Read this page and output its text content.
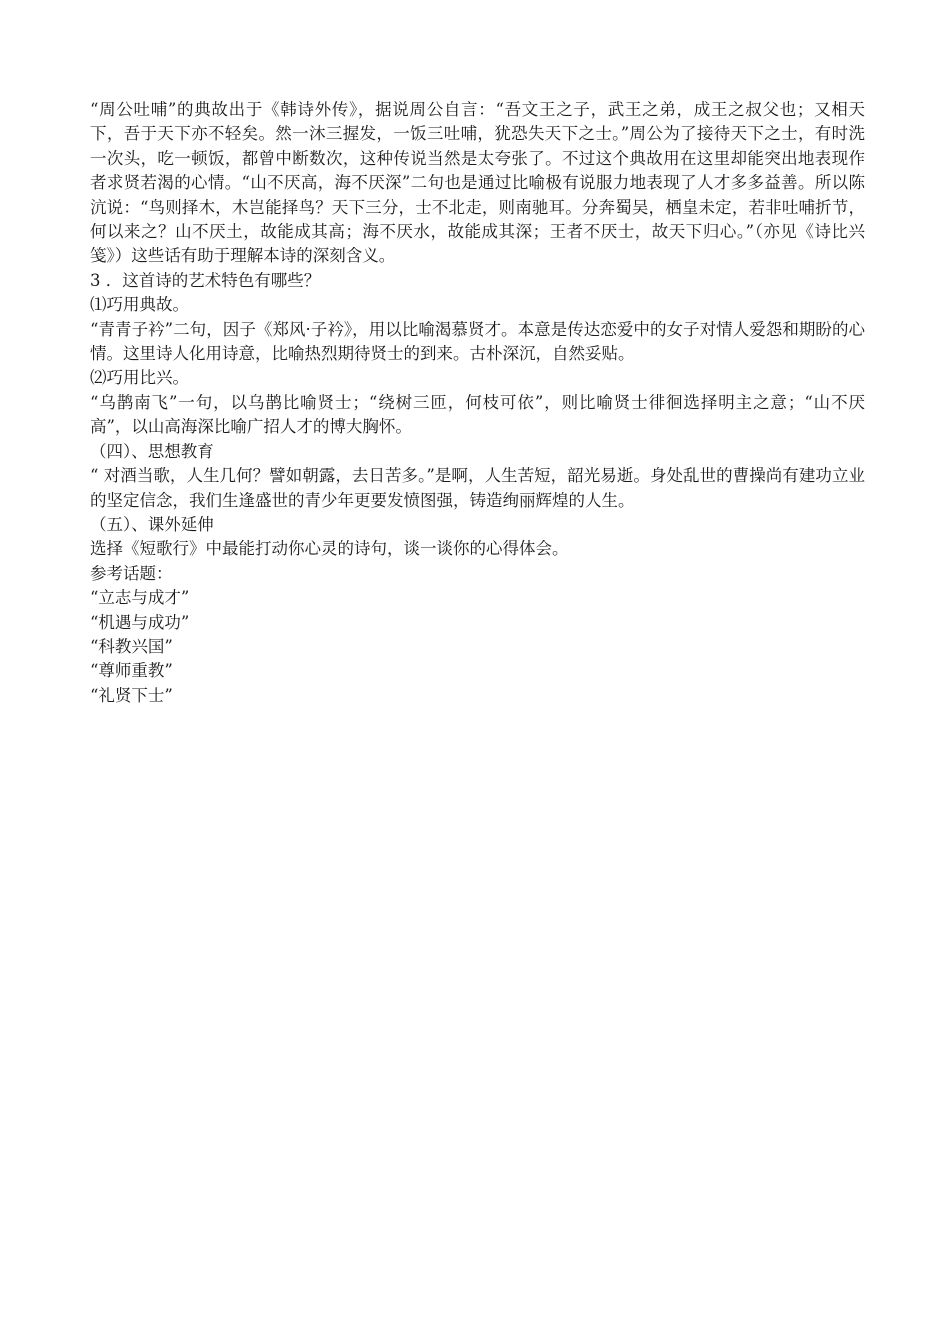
“周公吐哺”的典故出于《韩诗外传》，据说周公自言：“吾文王之子，武王之弟，成王之叔父也；又相天下，吾于天下亦不轻矣。然一沐三握发，一饭三吐哺，犹恐失天下之士。”周公为了接待天下之士，有时洗一次头，吃一顿饭，都曾中断数次，这种传说当然是太夸张了。不过这个典故用在这里却能突出地表现作者求贤若渴的心情。“山不厌高，海不厌深”二句也是通过比喻极有说服力地表现了人才多多益善。所以陈沆说：“鸟则择木，木岂能择鸟？天下三分，士不北走，则南驰耳。分奔蜀吴，栖皇未定，若非吐哺折节，何以来之？山不厌土，故能成其高；海不厌水，故能成其深；王者不厌士，故天下归心。”（亦见《诗比兴笺》）这些话有助于理解本诗的深刻含义。

3 ．这首诗的艺术特色有哪些？

⑴巧用典故。

“青青子衿”二句，因子《郑风·子衿》，用以比喻渴慕贤才。本意是传达恋爱中的女子对情人爱怨和期盼的心情。这里诗人化用诗意，比喻热烈期待贤士的到来。古朴深沉，自然妥贴。

⑵巧用比兴。

“乌鹊南飞”一句，以乌鹊比喻贤士；“绕树三匝，何枝可依”，则比喻贤士徘徊选择明主之意；“山不厌高”，以山高海深比喻广招人才的博大胸怀。

（四）、思想教育

“ 对酒当歌，人生几何？譬如朝露，去日苦多。”是啊，人生苦短，韶光易逝。身处乱世的曹操尚有建功立业的坚定信念，我们生逢盛世的青少年更要发愤图强，铸造绚丽辉煌的人生。

（五）、课外延伸

选择《短歌行》中最能打动你心灵的诗句，谈一谈你的心得体会。

参考话题：

“立志与成才”

“机遇与成功”

“科教兴国”

“尊师重教”

“礼贤下士”
